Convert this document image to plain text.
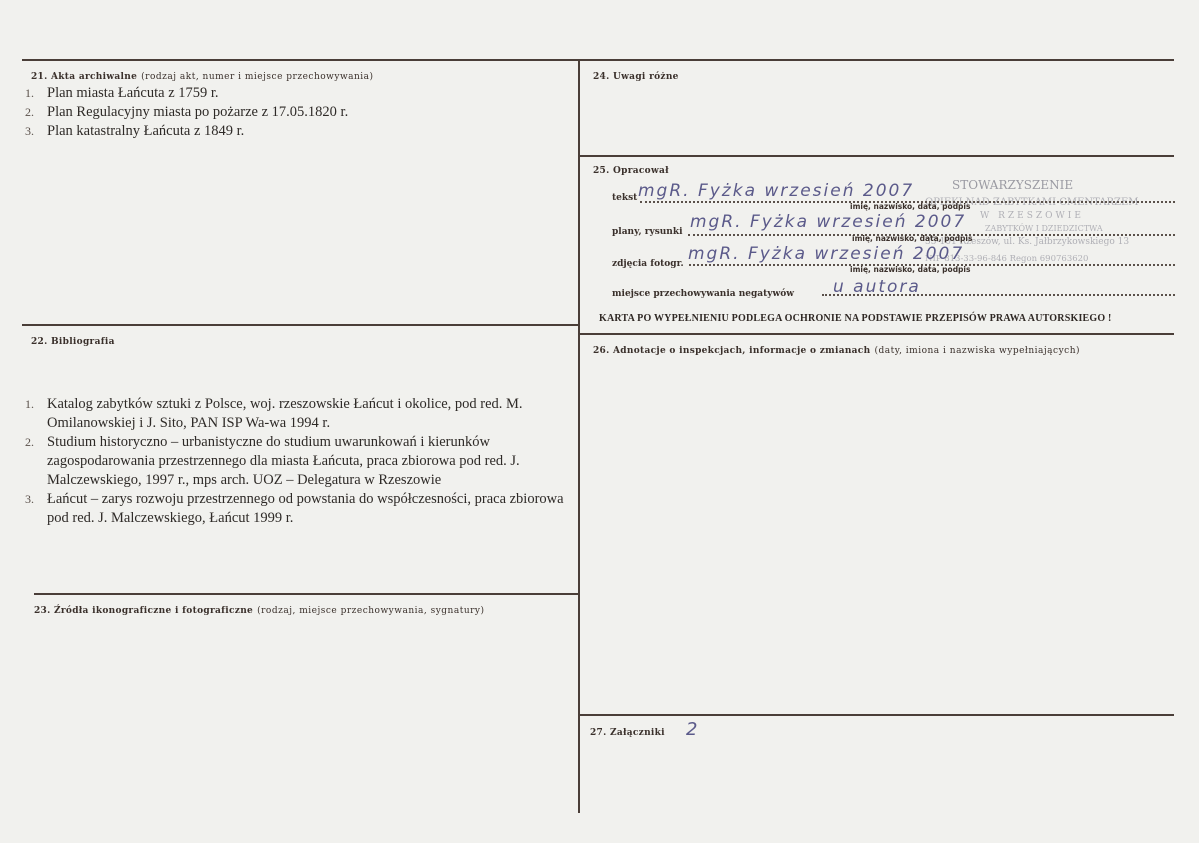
21. Akta archiwalne (rodzaj akt, numer i miejsce przechowywania)
1. Plan miasta Łańcuta z 1759 r.
2. Plan Regulacyjny miasta po pożarze z 17.05.1820 r.
3. Plan katastralny Łańcuta z 1849 r.
22. Bibliografia
1. Katalog zabytków sztuki z Polsce, woj. rzeszowskie Łańcut i okolice, pod red. M. Omilanowskiej i J. Sito, PAN ISP Wa-wa 1994 r.
2. Studium historyczno – urbanistyczne do studium uwarunkowań i kierunków zagospodarowania przestrzennego dla miasta Łańcuta, praca zbiorowa pod red. J. Malczewskiego, 1997 r., mps arch. UOZ – Delegatura w Rzeszowie
3. Łańcut – zarys rozwoju przestrzennego od powstania do współczesności, praca zbiorowa pod red. J. Malczewskiego, Łańcut 1999 r.
23. Źródła ikonograficzne i fotograficzne (rodzaj, miejsce przechowywania, sygnatury)
24. Uwagi różne
25. Opracował
STOWARZYSZENIE
OPIEKI NAD ZABYTKAMI CMENTARZEM
W RZESZOWIE
ZABYTKÓW I DZIEDZICTWA
35-101 Rzeszów, ul. Ks. Jałbrzykowskiego 13
NIP 813-33-96-846 Regon 690763620
tekst
imię, nazwisko, data, podpis
mgR. Fyżka wrzesień 2007
plany, rysunki
imię, nazwisko, data, podpis
mgR. Fyżka wrzesień 2007
zdjęcia fotogr.
imię, nazwisko, data, podpis
mgR. Fyżka wrzesień 2007
miejsce przechowywania negatywów u autora
KARTA PO WYPEŁNIENIU PODLEGA OCHRONIE NA PODSTAWIE PRZEPISÓW PRAWA AUTORSKIEGO !
26. Adnotacje o inspekcjach, informacje o zmianach (daty, imiona i nazwiska wypełniających)
27. Załączniki 2
